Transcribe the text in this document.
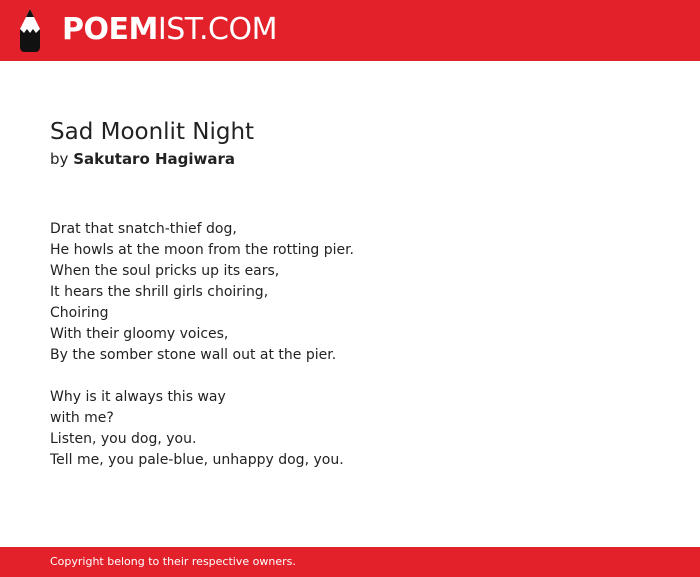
POEMIST.COM
Sad Moonlit Night
by Sakutaro Hagiwara
Drat that snatch-thief dog,
He howls at the moon from the rotting pier.
When the soul pricks up its ears,
It hears the shrill girls choiring,
Choiring
With their gloomy voices,
By the somber stone wall out at the pier.
Why is it always this way
with me?
Listen, you dog, you.
Tell me, you pale-blue, unhappy dog, you.
Copyright belong to their respective owners.
